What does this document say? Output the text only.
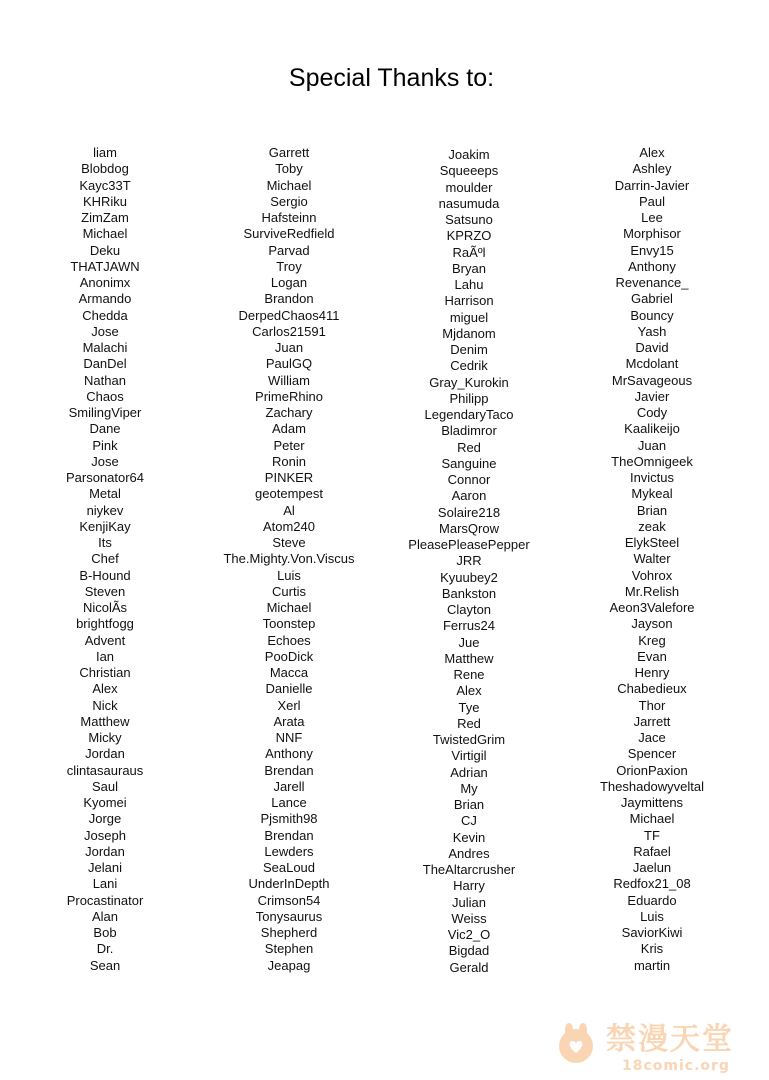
Special Thanks to:
liam
Blobdog
Kayc33T
KHRiku
ZimZam
Michael
Deku
THATJAWN
Anonimx
Armando
Chedda
Jose
Malachi
DanDel
Nathan
Chaos
SmilingViper
Dane
Pink
Jose
Parsonator64
Metal
niykev
KenjiKay
Its
Chef
B-Hound
Steven
NicolÃs
brightfogg
Advent
Ian
Christian
Alex
Nick
Matthew
Micky
Jordan
clintasauraus
Saul
Kyomei
Jorge
Joseph
Jordan
Jelani
Lani
Procastinator
Alan
Bob
Dr.
Sean
Garrett
Toby
Michael
Sergio
Hafsteinn
SurviveRedfield
Parvad
Troy
Logan
Brandon
DerpedChaos411
Carlos21591
Juan
PaulGQ
William
PrimeRhino
Zachary
Adam
Peter
Ronin
PINKER
geotempest
Al
Atom240
Steve
The.Mighty.Von.Viscus
Luis
Curtis
Michael
Toonstep
Echoes
PooDick
Macca
Danielle
Xerl
Arata
NNF
Anthony
Brendan
Jarell
Lance
Pjsmith98
Brendan
Lewders
SeaLoud
UnderInDepth
Crimson54
Tonysaurus
Shepherd
Stephen
Jeapag
Joakim
Squeeeps
moulder
nasumuda
Satsuno
KPRZO
RaÃºl
Bryan
Lahu
Harrison
miguel
Mjdanom
Denim
Cedrik
Gray_Kurokin
Philipp
LegendaryTaco
Bladimror
Red
Sanguine
Connor
Aaron
Solaire218
MarsQrow
PleasePleasePepper
JRR
Kyuubey2
Bankston
Clayton
Ferrus24
Jue
Matthew
Rene
Alex
Tye
Red
TwistedGrim
Virtigil
Adrian
My
Brian
CJ
Kevin
Andres
TheAltarcrusher
Harry
Julian
Weiss
Vic2_O
Bigdad
Gerald
Alex
Ashley
Darrin-Javier
Paul
Lee
Morphisor
Envy15
Anthony
Revenance_
Gabriel
Bouncy
Yash
David
Mcdolant
MrSavageous
Javier
Cody
Kaalikeijo
Juan
TheOmnigeek
Invictus
Mykeal
Brian
zeak
ElykSteel
Walter
Vohrox
Mr.Relish
Aeon3Valefore
Jayson
Kreg
Evan
Henry
Chabedieux
Thor
Jarrett
Jace
Spencer
OrionPaxion
Theshadowyveltal
Jaymittens
Michael
TF
Rafael
Jaelun
Redfox21_08
Eduardo
Luis
SaviorKiwi
Kris
martin
禁漫天堂
18comic.org
